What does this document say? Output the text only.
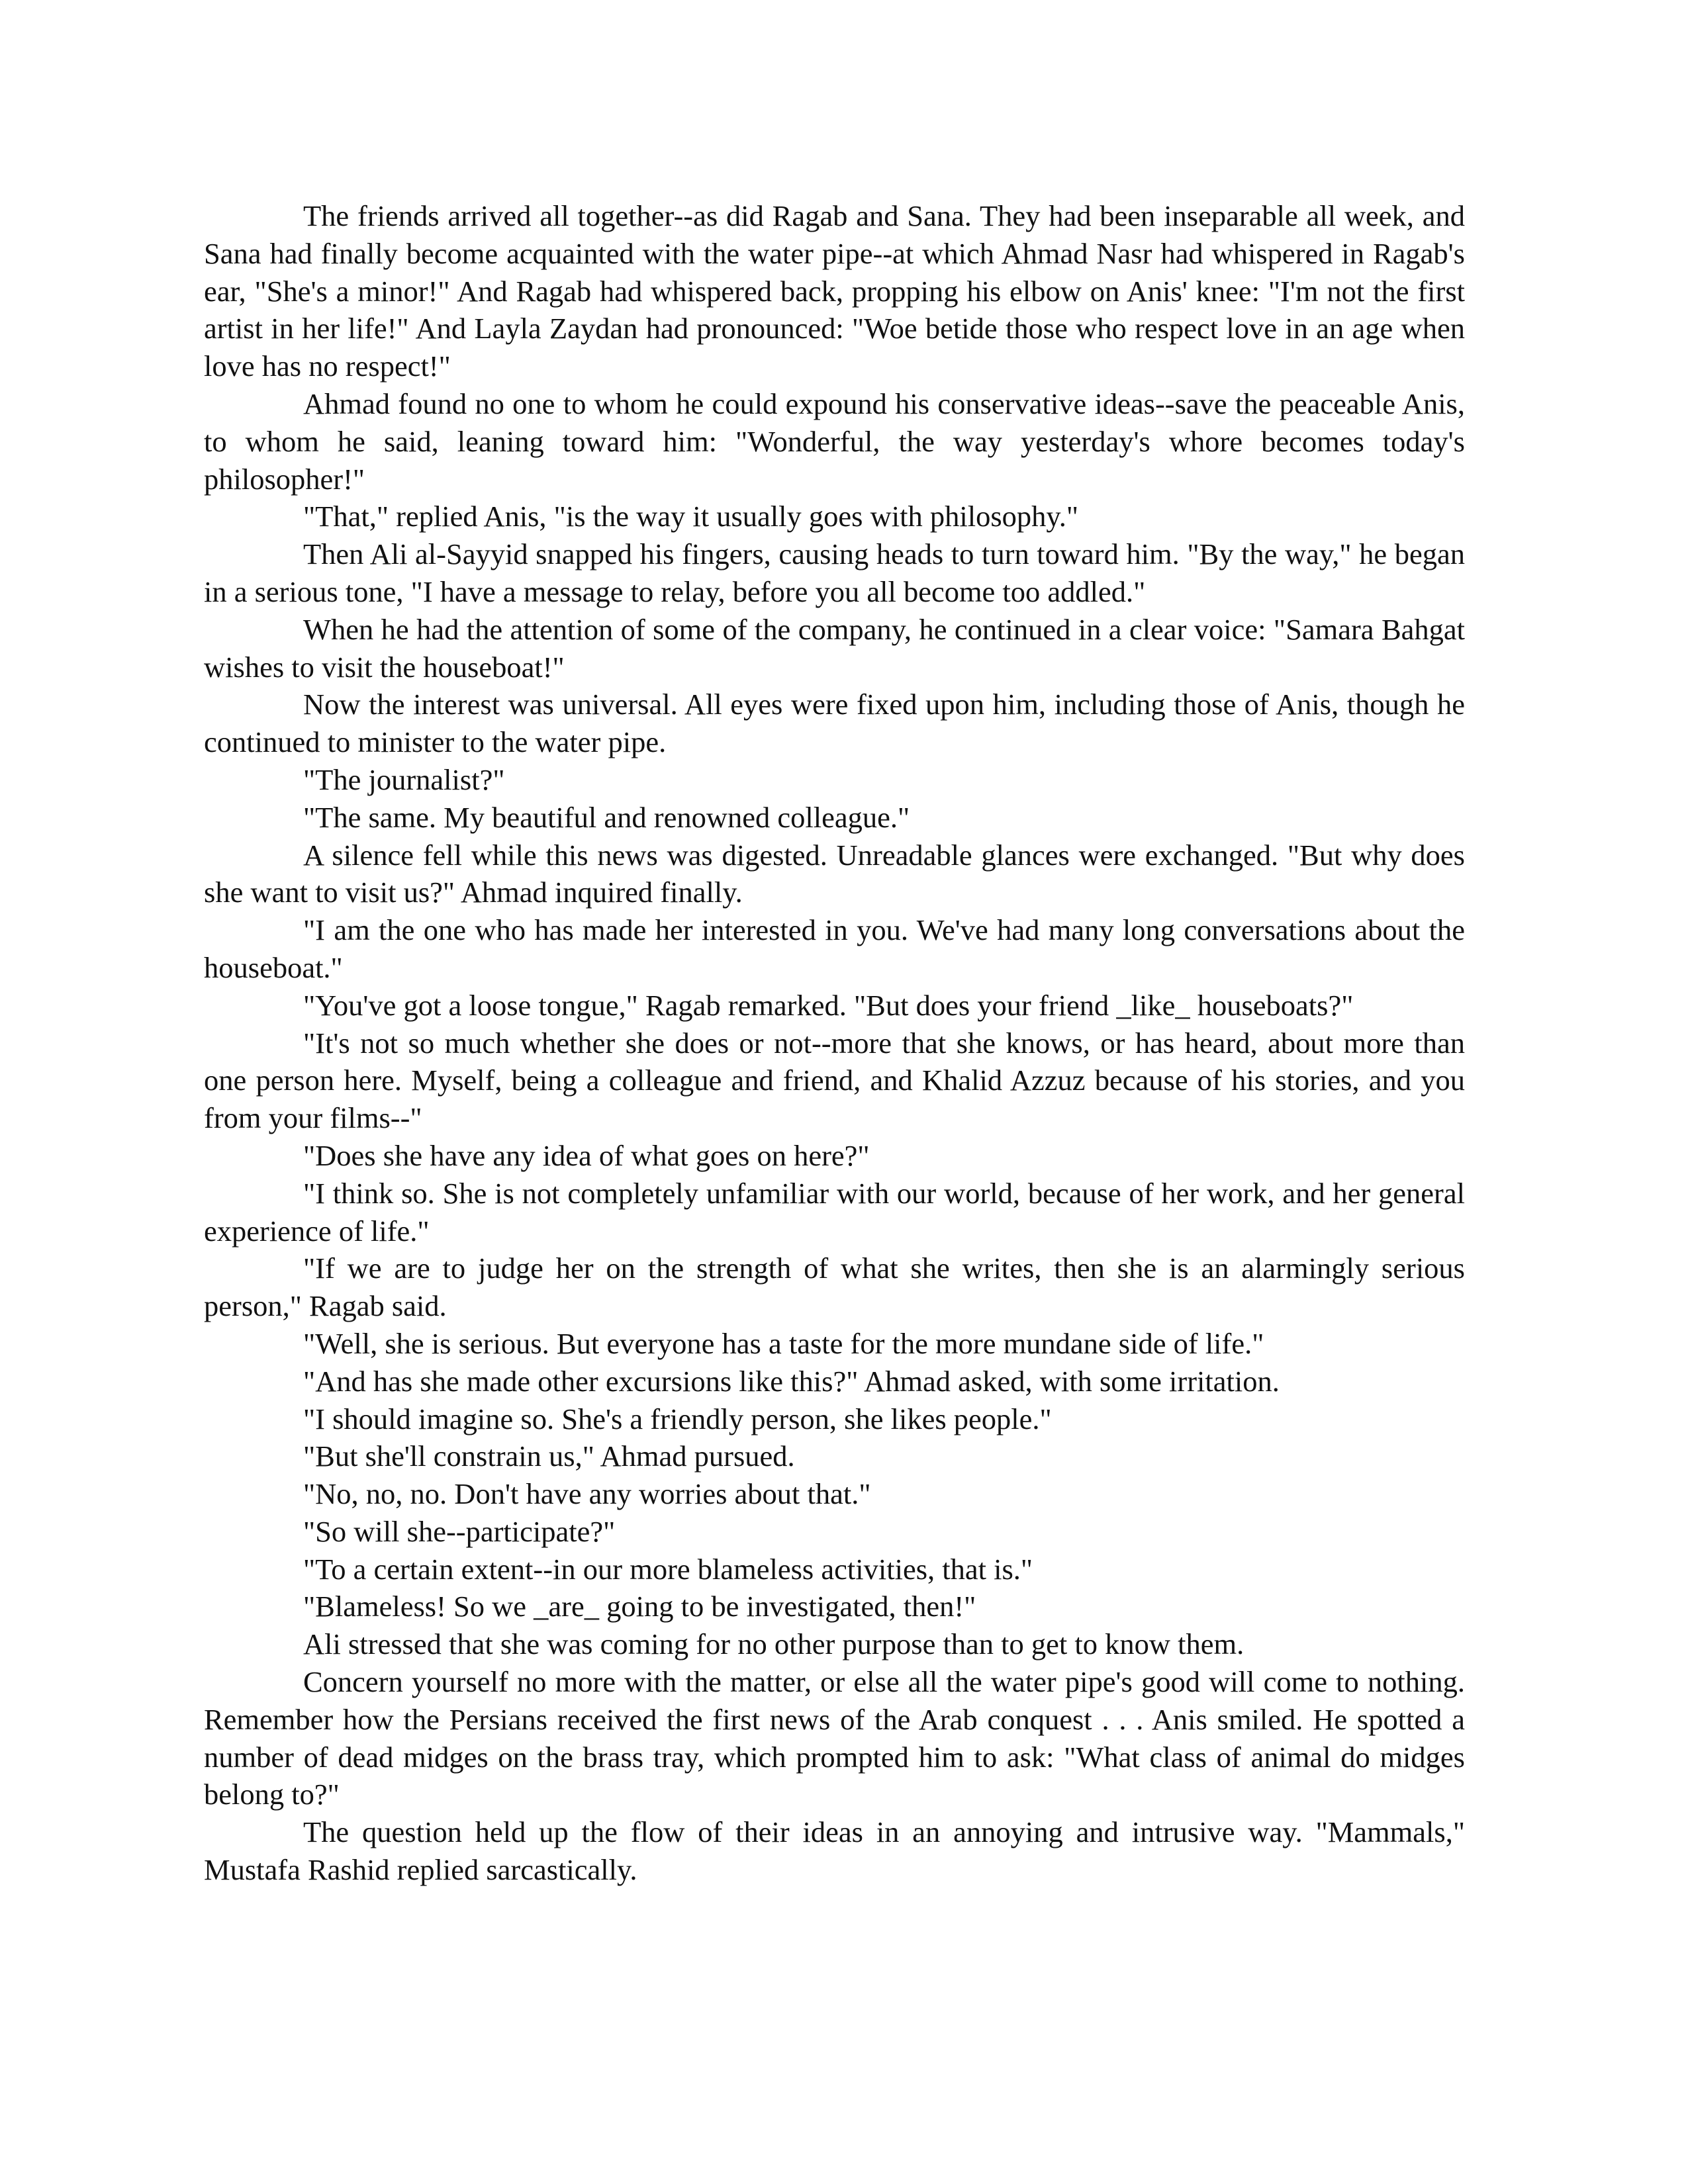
The friends arrived all together--as did Ragab and Sana. They had been inseparable all week, and Sana had finally become acquainted with the water pipe--at which Ahmad Nasr had whispered in Ragab's ear, "She's a minor!" And Ragab had whispered back, propping his elbow on Anis' knee: "I'm not the first artist in her life!" And Layla Zaydan had pronounced: "Woe betide those who respect love in an age when love has no respect!"

Ahmad found no one to whom he could expound his conservative ideas--save the peaceable Anis, to whom he said, leaning toward him: "Wonderful, the way yesterday's whore becomes today's philosopher!"

"That," replied Anis, "is the way it usually goes with philosophy."

Then Ali al-Sayyid snapped his fingers, causing heads to turn toward him. "By the way," he began in a serious tone, "I have a message to relay, before you all become too addled."

When he had the attention of some of the company, he continued in a clear voice: "Samara Bahgat wishes to visit the houseboat!"

Now the interest was universal. All eyes were fixed upon him, including those of Anis, though he continued to minister to the water pipe.

"The journalist?"

"The same. My beautiful and renowned colleague."

A silence fell while this news was digested. Unreadable glances were exchanged. "But why does she want to visit us?" Ahmad inquired finally.

"I am the one who has made her interested in you. We've had many long conversations about the houseboat."

"You've got a loose tongue," Ragab remarked. "But does your friend _like_ houseboats?"

"It's not so much whether she does or not--more that she knows, or has heard, about more than one person here. Myself, being a colleague and friend, and Khalid Azzuz because of his stories, and you from your films--"

"Does she have any idea of what goes on here?"

"I think so. She is not completely unfamiliar with our world, because of her work, and her general experience of life."

"If we are to judge her on the strength of what she writes, then she is an alarmingly serious person," Ragab said.

"Well, she is serious. But everyone has a taste for the more mundane side of life."

"And has she made other excursions like this?" Ahmad asked, with some irritation.

"I should imagine so. She's a friendly person, she likes people."

"But she'll constrain us," Ahmad pursued.

"No, no, no. Don't have any worries about that."

"So will she--participate?"

"To a certain extent--in our more blameless activities, that is."

"Blameless! So we _are_ going to be investigated, then!"

Ali stressed that she was coming for no other purpose than to get to know them.

Concern yourself no more with the matter, or else all the water pipe's good will come to nothing. Remember how the Persians received the first news of the Arab conquest . . . Anis smiled. He spotted a number of dead midges on the brass tray, which prompted him to ask: "What class of animal do midges belong to?"

The question held up the flow of their ideas in an annoying and intrusive way. "Mammals," Mustafa Rashid replied sarcastically.
